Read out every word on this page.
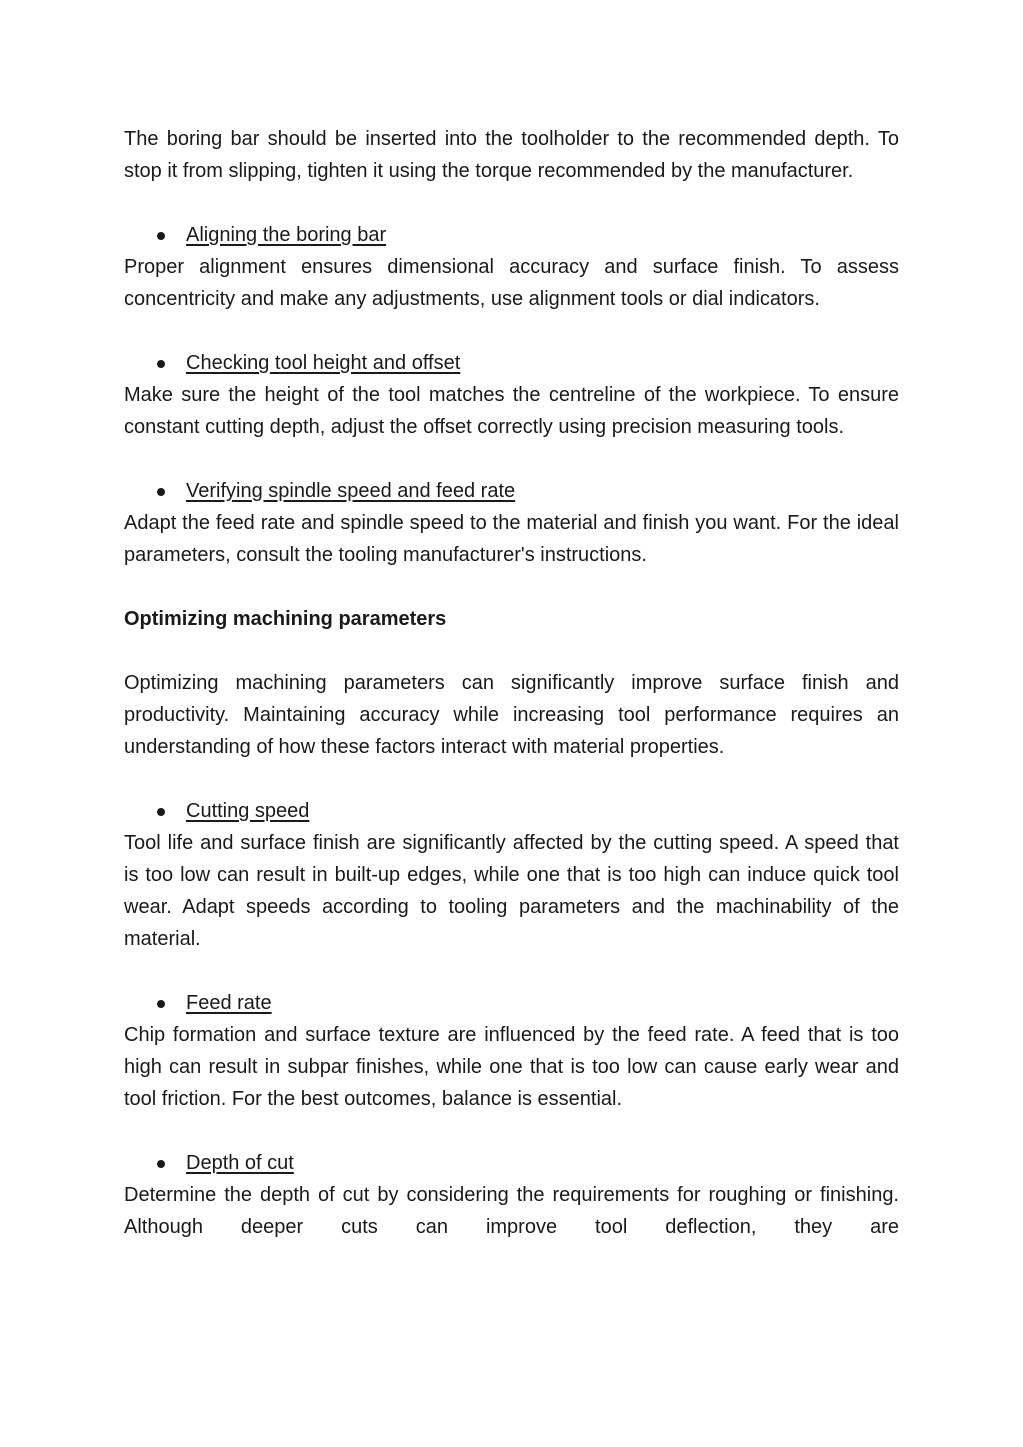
The boring bar should be inserted into the toolholder to the recommended depth. To stop it from slipping, tighten it using the torque recommended by the manufacturer.

Aligning the boring bar

Proper alignment ensures dimensional accuracy and surface finish. To assess concentricity and make any adjustments, use alignment tools or dial indicators.

Checking tool height and offset

Make sure the height of the tool matches the centreline of the workpiece. To ensure constant cutting depth, adjust the offset correctly using precision measuring tools.

Verifying spindle speed and feed rate

Adapt the feed rate and spindle speed to the material and finish you want. For the ideal parameters, consult the tooling manufacturer's instructions.

Optimizing machining parameters

Optimizing machining parameters can significantly improve surface finish and productivity. Maintaining accuracy while increasing tool performance requires an understanding of how these factors interact with material properties.

Cutting speed

Tool life and surface finish are significantly affected by the cutting speed. A speed that is too low can result in built-up edges, while one that is too high can induce quick tool wear. Adapt speeds according to tooling parameters and the machinability of the material.

Feed rate

Chip formation and surface texture are influenced by the feed rate. A feed that is too high can result in subpar finishes, while one that is too low can cause early wear and tool friction. For the best outcomes, balance is essential.

Depth of cut

Determine the depth of cut by considering the requirements for roughing or finishing. Although deeper cuts can improve tool deflection, they are
